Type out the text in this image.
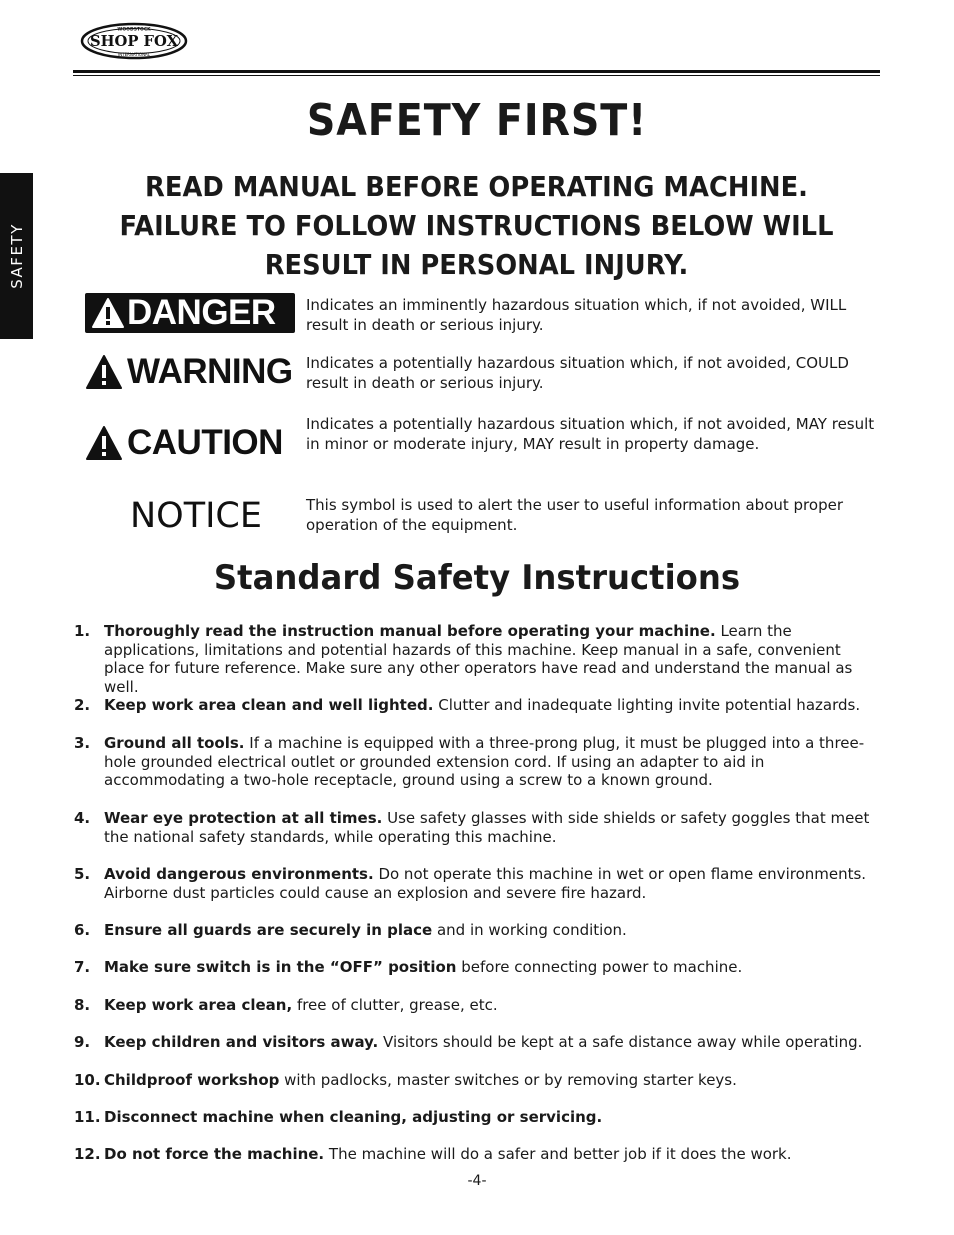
WOODSTOCK
SHOP FOX
INTERNATIONAL
SAFETY
SAFETY FIRST!
READ MANUAL BEFORE OPERATING MACHINE.
FAILURE TO FOLLOW INSTRUCTIONS BELOW WILL
RESULT IN PERSONAL INJURY.
DANGER Indicates an imminently hazardous situation which, if not avoided, WILL result in death or serious injury.
WARNING Indicates a potentially hazardous situation which, if not avoided, COULD result in death or serious injury.
CAUTION Indicates a potentially hazardous situation which, if not avoided, MAY result in minor or moderate injury, MAY result in property damage.
NOTICE	This symbol is used to alert the user to useful information about proper operation of the equipment.
Standard Safety Instructions
1. Thoroughly read the instruction manual before operating your machine. Learn the applications, limitations and potential hazards of this machine. Keep manual in a safe, convenient place for future reference. Make sure any other operators have read and understand the manual as well.
2. Keep work area clean and well lighted. Clutter and inadequate lighting invite potential hazards.
3. Ground all tools. If a machine is equipped with a three-prong plug, it must be plugged into a three-hole grounded electrical outlet or grounded extension cord. If using an adapter to aid in accommodating a two-hole receptacle, ground using a screw to a known ground.
4. Wear eye protection at all times. Use safety glasses with side shields or safety goggles that meet the national safety standards, while operating this machine.
5. Avoid dangerous environments. Do not operate this machine in wet or open flame environments. Airborne dust particles could cause an explosion and severe fire hazard.
6. Ensure all guards are securely in place and in working condition.
7. Make sure switch is in the “OFF” position before connecting power to machine.
8. Keep work area clean, free of clutter, grease, etc.
9. Keep children and visitors away. Visitors should be kept at a safe distance away while operating.
10. Childproof workshop with padlocks, master switches or by removing starter keys.
11. Disconnect machine when cleaning, adjusting or servicing.
12. Do not force the machine. The machine will do a safer and better job if it does the work.
-4-
